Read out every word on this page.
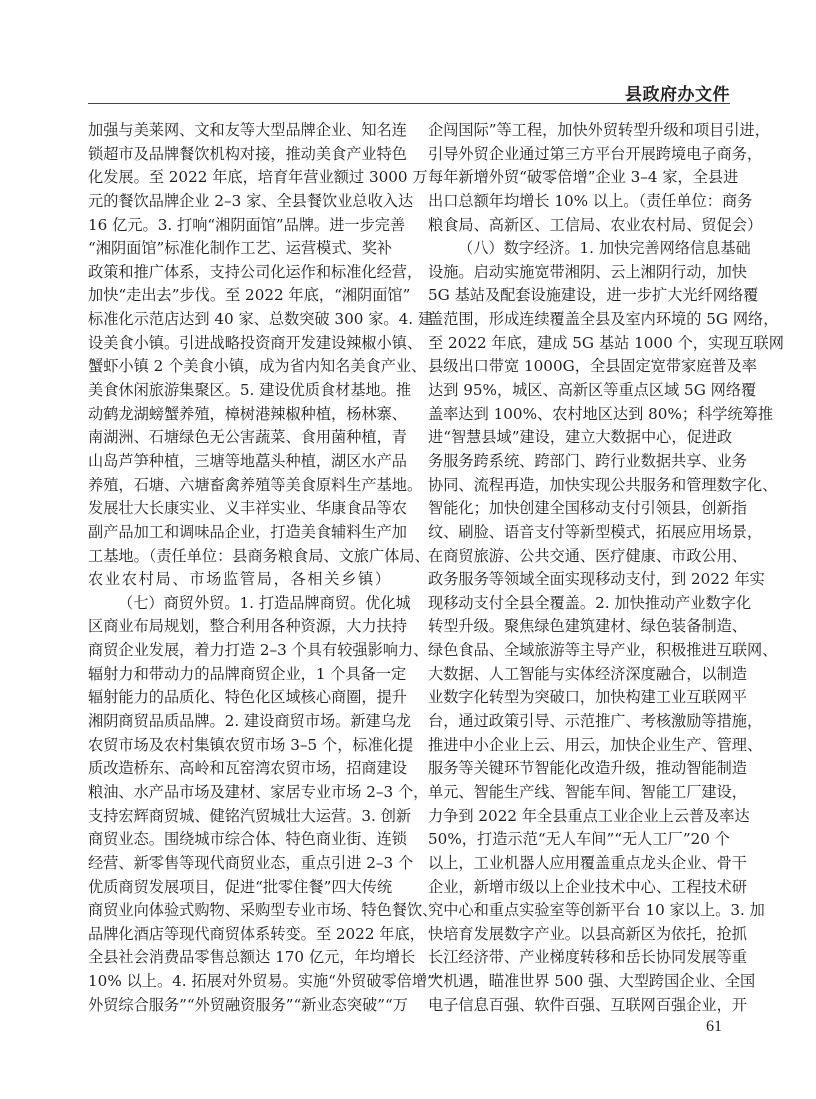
县政府办文件
加强与美莱网、文和友等大型品牌企业、知名连
锁超市及品牌餐饮机构对接，推动美食产业特色
化发展。至 2022 年底，培育年营业额过 3000 万
元的餐饮品牌企业 2–3 家、全县餐饮业总收入达
16 亿元。3. 打响“湘阴面馆”品牌。进一步完善
“湘阴面馆”标准化制作工艺、运营模式、奖补
政策和推广体系，支持公司化运作和标准化经营，
加快“走出去”步伐。至 2022 年底，“湘阴面馆”
标准化示范店达到 40 家、总数突破 300 家。4. 建
设美食小镇。引进战略投资商开发建设辣椒小镇、
蟹虾小镇 2 个美食小镇，成为省内知名美食产业、
美食休闲旅游集聚区。5. 建设优质食材基地。推
动鹤龙湖螃蟹养殖，樟树港辣椒种植，杨林寨、
南湖洲、石塘绿色无公害蔬菜、食用菌种植，青
山岛芦笋种植，三塘等地藠头种植，湖区水产品
养殖，石塘、六塘畜禽养殖等美食原料生产基地。
发展壮大长康实业、义丰祥实业、华康食品等农
副产品加工和调味品企业，打造美食辅料生产加
工基地。（责任单位：县商务粮食局、文旅广体局、
农业农村局、市场监管局，各相关乡镇）
（七）商贸外贸。1. 打造品牌商贸。优化城
区商业布局规划，整合利用各种资源，大力扶持
商贸企业发展，着力打造 2–3 个具有较强影响力、
辐射力和带动力的品牌商贸企业，1 个具备一定
辐射能力的品质化、特色化区域核心商圈，提升
湘阴商贸品质品牌。2. 建设商贸市场。新建乌龙
农贸市场及农村集镇农贸市场 3–5 个，标准化提
质改造桥东、高岭和瓦窑湾农贸市场，招商建设
粮油、水产品市场及建材、家居专业市场 2–3 个，
支持宏辉商贸城、健铭汽贸城壮大运营。3. 创新
商贸业态。围绕城市综合体、特色商业街、连锁
经营、新零售等现代商贸业态，重点引进 2–3 个
优质商贸发展项目，促进“批零住餐”四大传统
商贸业向体验式购物、采购型专业市场、特色餐饮、
品牌化酒店等现代商贸体系转变。至 2022 年底，
全县社会消费品零售总额达 170 亿元，年均增长
10% 以上。4. 拓展对外贸易。实施“外贸破零倍增”“
外贸综合服务”“外贸融资服务”“新业态突破”“万
企闯国际”等工程，加快外贸转型升级和项目引进，
引导外贸企业通过第三方平台开展跨境电子商务，
每年新增外贸“破零倍增”企业 3–4 家，全县进
出口总额年均增长 10% 以上。（责任单位：商务
粮食局、高新区、工信局、农业农村局、贸促会）
（八）数字经济。1. 加快完善网络信息基础
设施。启动实施宽带湘阴、云上湘阴行动，加快
5G 基站及配套设施建设，进一步扩大光纤网络覆
盖范围，形成连续覆盖全县及室内环境的 5G 网络，
至 2022 年底，建成 5G 基站 1000 个，实现互联网
县级出口带宽 1000G，全县固定宽带家庭普及率
达到 95%，城区、高新区等重点区域 5G 网络覆
盖率达到 100%、农村地区达到 80%；科学统筹推
进“智慧县域”建设，建立大数据中心，促进政
务服务跨系统、跨部门、跨行业数据共享、业务
协同、流程再造，加快实现公共服务和管理数字化、
智能化；加快创建全国移动支付引领县，创新指
纹、刷脸、语音支付等新型模式，拓展应用场景，
在商贸旅游、公共交通、医疗健康、市政公用、
政务服务等领域全面实现移动支付，到 2022 年实
现移动支付全县全覆盖。2. 加快推动产业数字化
转型升级。聚焦绿色建筑建材、绿色装备制造、
绿色食品、全域旅游等主导产业，积极推进互联网、
大数据、人工智能与实体经济深度融合，以制造
业数字化转型为突破口，加快构建工业互联网平
台，通过政策引导、示范推广、考核激励等措施，
推进中小企业上云、用云，加快企业生产、管理、
服务等关键环节智能化改造升级，推动智能制造
单元、智能生产线、智能车间、智能工厂建设，
力争到 2022 年全县重点工业企业上云普及率达
50%，打造示范“无人车间”“无人工厂”20 个
以上，工业机器人应用覆盖重点龙头企业、骨干
企业，新增市级以上企业技术中心、工程技术研
究中心和重点实验室等创新平台 10 家以上。3. 加
快培育发展数字产业。以县高新区为依托，抢抓
长江经济带、产业梯度转移和岳长协同发展等重
大机遇，瞄准世界 500 强、大型跨国企业、全国
电子信息百强、软件百强、互联网百强企业，开
61
